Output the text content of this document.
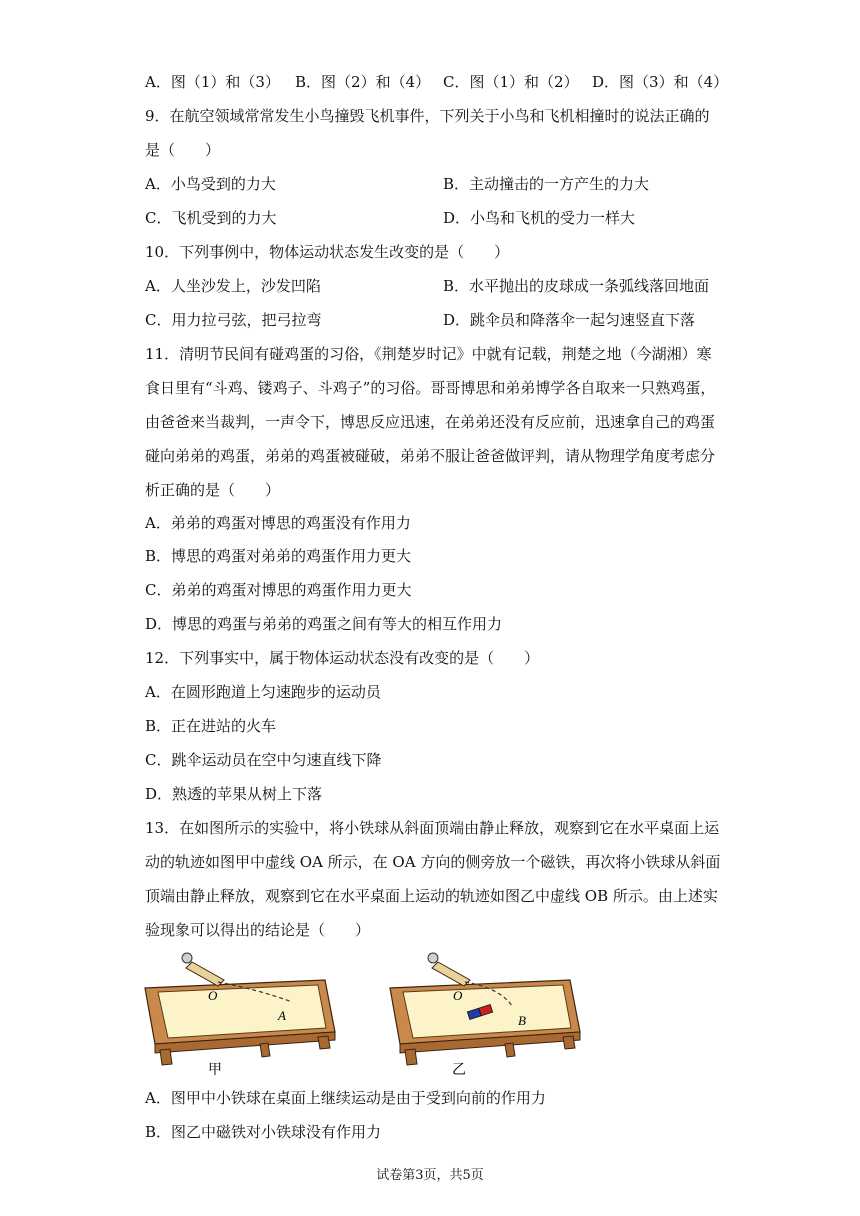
A．图（1）和（3） B．图（2）和（4） C．图（1）和（2） D．图（3）和（4）
9．在航空领域常常发生小鸟撞毁飞机事件，下列关于小鸟和飞机相撞时的说法正确的
是（　　）
A．小鸟受到的力大	B．主动撞击的一方产生的力大
C．飞机受到的力大	D．小鸟和飞机的受力一样大
10．下列事例中，物体运动状态发生改变的是（　　）
A．人坐沙发上，沙发凹陷	B．水平抛出的皮球成一条弧线落回地面
C．用力拉弓弦，把弓拉弯	D．跳伞员和降落伞一起匀速竖直下落
11．清明节民间有碰鸡蛋的习俗，《荆楚岁时记》中就有记载，荆楚之地（今湖湘）寒
食日里有“斗鸡、镂鸡子、斗鸡子”的习俗。哥哥博思和弟弟博学各自取来一只熟鸡蛋，
由爸爸来当裁判，一声令下，博思反应迅速，在弟弟还没有反应前，迅速拿自己的鸡蛋
碰向弟弟的鸡蛋，弟弟的鸡蛋被碰破，弟弟不服让爸爸做评判，请从物理学角度考虑分
析正确的是（　　）
A．弟弟的鸡蛋对博思的鸡蛋没有作用力
B．博思的鸡蛋对弟弟的鸡蛋作用力更大
C．弟弟的鸡蛋对博思的鸡蛋作用力更大
D．博思的鸡蛋与弟弟的鸡蛋之间有等大的相互作用力
12．下列事实中，属于物体运动状态没有改变的是（　　）
A．在圆形跑道上匀速跑步的运动员
B．正在进站的火车
C．跳伞运动员在空中匀速直线下降
D．熟透的苹果从树上下落
13．在如图所示的实验中，将小铁球从斜面顶端由静止释放，观察到它在水平桌面上运
动的轨迹如图甲中虚线 OA 所示，在 OA 方向的侧旁放一个磁铁，再次将小铁球从斜面
顶端由静止释放，观察到它在水平桌面上运动的轨迹如图乙中虚线 OB 所示。由上述实
验现象可以得出的结论是（　　）
O
A
甲
O
B
乙
A．图甲中小铁球在桌面上继续运动是由于受到向前的作用力
B．图乙中磁铁对小铁球没有作用力
试卷第3页，共5页
